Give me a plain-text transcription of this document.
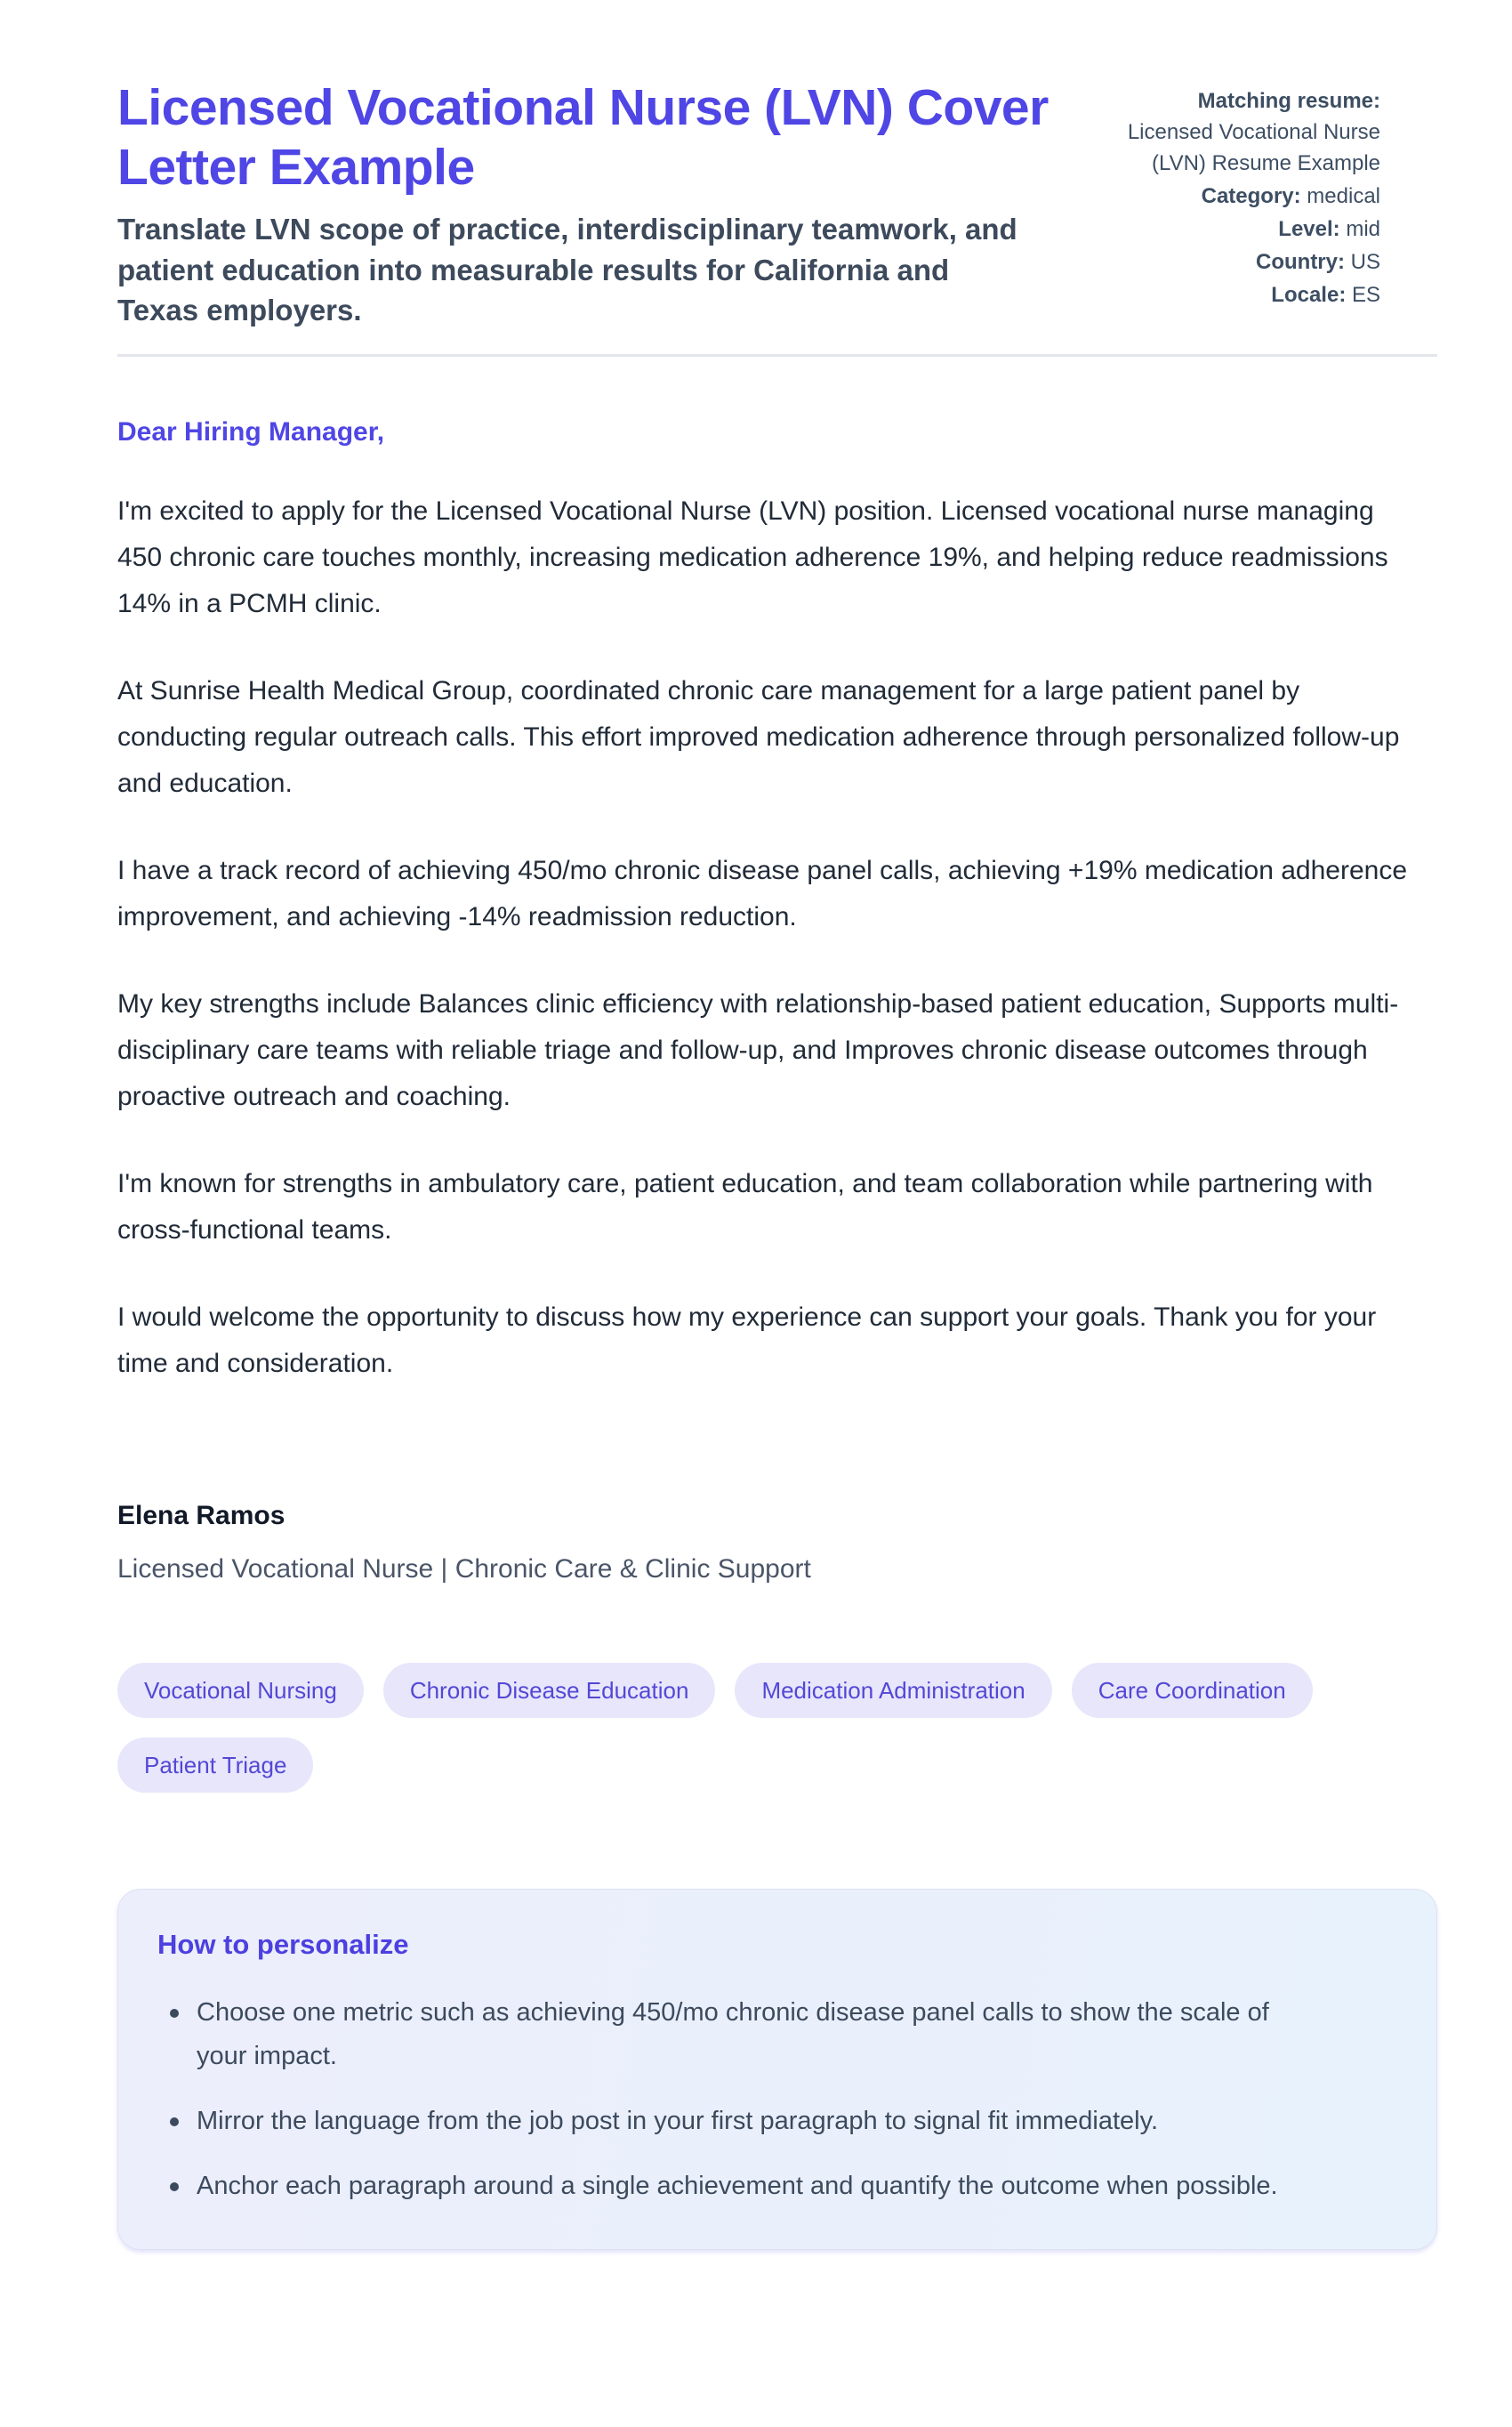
Licensed Vocational Nurse (LVN) Cover Letter Example
Translate LVN scope of practice, interdisciplinary teamwork, and patient education into measurable results for California and Texas employers.
Matching resume: Licensed Vocational Nurse (LVN) Resume Example
Category: medical
Level: mid
Country: US
Locale: ES
Dear Hiring Manager,

I'm excited to apply for the Licensed Vocational Nurse (LVN) position. Licensed vocational nurse managing 450 chronic care touches monthly, increasing medication adherence 19%, and helping reduce readmissions 14% in a PCMH clinic.

At Sunrise Health Medical Group, coordinated chronic care management for a large patient panel by conducting regular outreach calls. This effort improved medication adherence through personalized follow-up and education.

I have a track record of achieving 450/mo chronic disease panel calls, achieving +19% medication adherence improvement, and achieving -14% readmission reduction.

My key strengths include Balances clinic efficiency with relationship-based patient education, Supports multi-disciplinary care teams with reliable triage and follow-up, and Improves chronic disease outcomes through proactive outreach and coaching.

I'm known for strengths in ambulatory care, patient education, and team collaboration while partnering with cross-functional teams.

I would welcome the opportunity to discuss how my experience can support your goals. Thank you for your time and consideration.

Elena Ramos
Licensed Vocational Nurse | Chronic Care & Clinic Support
Vocational Nursing	Chronic Disease Education	Medication Administration	Care Coordination
Patient Triage
How to personalize
Choose one metric such as achieving 450/mo chronic disease panel calls to show the scale of your impact.
Mirror the language from the job post in your first paragraph to signal fit immediately.
Anchor each paragraph around a single achievement and quantify the outcome when possible.
